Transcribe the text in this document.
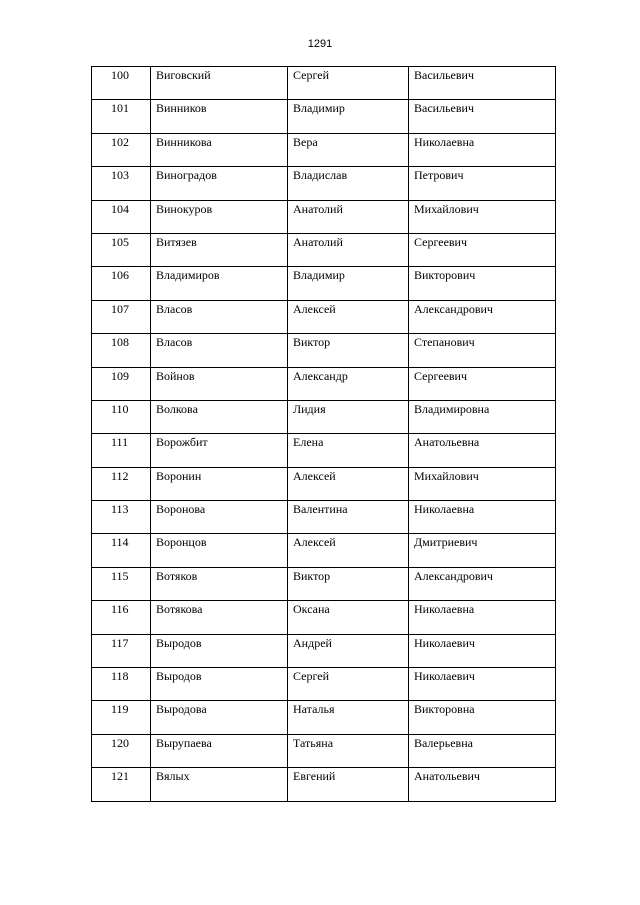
1291
100	Виговский	Сергей	Васильевич

101	Винников	Владимир	Васильевич

102	Винникова	Вера	Николаевна

103	Виноградов	Владислав	Петрович

104	Винокуров	Анатолий	Михайлович

105	Витязев	Анатолий	Сергеевич

106	Владимиров	Владимир	Викторович

107	Власов	Алексей	Александрович

108	Власов	Виктор	Степанович

109	Войнов	Александр	Сергеевич

110	Волкова	Лидия	Владимировна

111	Ворожбит	Елена	Анатольевна

112	Воронин	Алексей	Михайлович

113	Воронова	Валентина	Николаевна

114	Воронцов	Алексей	Дмитриевич

115	Вотяков	Виктор	Александрович

116	Вотякова	Оксана	Николаевна

117	Выродов	Андрей	Николаевич

118	Выродов	Сергей	Николаевич

119	Выродова	Наталья	Викторовна

120	Вырупаева	Татьяна	Валерьевна

121	Вялых	Евгений	Анатольевич
